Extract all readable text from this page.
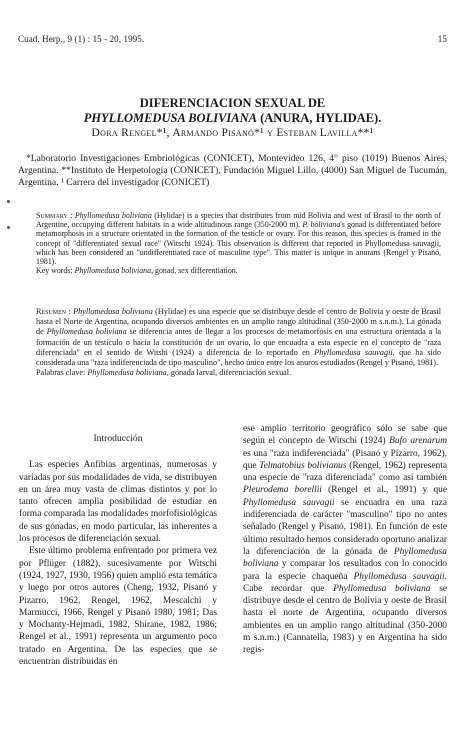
Cuad. Herp., 9 (1) : 15 - 20, 1995.	15
DIFERENCIACION SEXUAL DE
PHYLLOMEDUSA BOLIVIANA (ANURA, HYLIDAE).
Dora Rengel*¹, Armando Pisanó*¹ y Esteban Lavilla**¹

*Laboratorio Investigaciones Embriológicas (CONICET), Montevideo 126, 4° piso (1019) Buenos Aires, Argentina. **Instituto de Herpetología (CONICET), Fundación Miguel Lillo, (4000) San Miguel de Tucumán, Argentina. ¹ Carrera del investigador (CONICET)

Summary : Phyllomedusa boliviana (Hylidae) is a species that distributes from mid Bolivia and west of Brasil to the north of Argentine, occupying different habitats in a wide altitudinous range (350-2000 m). P. boliviana's gonad is differentiated before metamorphosis in a structure orientated in the formation of the testicle or ovary. For this reason, this species is framed in the concept of "differentiated sexual race" (Witschi 1924). This observation is different that reported in Phyllomedusa sauvagii, which has been considered an "undifferentiated race of masculine type". This matter is unique in anurans (Rengel y Pisanó, 1981).

Key words: Phyllomedusa boliviana, gonad, sex differentiation.

Resumen : Phyllomedusa boliviana (Hylidae) es una especie que se distribuye desde el centro de Bolivia y oeste de Brasil hasta el Norte de Argentina, ocupando diversos ambientes en un amplio rango altitudinal (350-2000 m s.n.m.). La gónada de Phyllomedusa boliviana se diferencia antes de llegar a los procesos de metamorfosis en una estructura orientada a la formación de un testículo o hacia la constitución de un ovario, lo que encuadra a esta especie en el concepto de "raza diferenciada" en el sentido de Witshi (1924) a diferencia de lo reportado en Phyllomedusa sauvagii, que ha sido considerada una "raza indiferenciada de tipo masculino", hecho único entre los anuros estudiados (Rengel y Pisanó, 1981).

Palabras clave: Phyllomedusa boliviana, gónada larval, diferenciación sexual.

Introducción

Las especies Anfibias argentinas, numerosas y variadas por sus modalidades de vida, se distribuyen en un área muy vasta de climas distintos y por lo tanto ofrecen amplia posibilidad de estudiar en forma comparada las modalidades morfofisiológicas de sus gónadas, en modo particular, las inherentes a los procesos de diferenciación sexual.

Este último problema enfrentado por primera vez por Pflüger (1882), sucesivamente por Witschi (1924, 1927, 1930, 1956) quien amplió esta temática y luego por otros autores (Cheng, 1932, Pisanó y Pizarro, 1962, Rengel, 1962, Mescalchi y Marmucci, 1966, Rengel y Pisanó 1980, 1981; Das y Mochanty-Hejmadi, 1982, Shirane, 1982, 1986; Rengel et al., 1991) representa un argumento poco tratado en Argentina. De las especies que se encuentran distribuidas en

ese amplio territorio geográfico sólo se sabe que según el concepto de Witschi (1924) Bufo arenarum es una "raza indiferenciada" (Pisanó y Pizarro, 1962), que Telmatobius bolivianus (Rengel, 1962) representa una especie de "raza diferenciada" como así también Pleurodema borellii (Rengel et al., 1991) y que Phyllomedusa sauvagii se encuadra en una raza indiferenciada de carácter "masculino" tipo no antes señalado (Rengel y Pisanó, 1981). En función de este último resultado hemos considerado oportuno analizar la diferenciación de la gónada de Phyllomedusa boliviana y comparar los resultados con lo conocido para la especie chaqueña Phyllomedusa sauvagii. Cabe recordar que Phyllomedusa boliviana se distribuye desde el centro de Bolivia y oeste de Brasil hasta el norte de Argentina, ocupando diversos ambientes en un amplio rango altitudinal (350-2000 m s.n.m.) (Cannatella, 1983) y en Argentina ha sido regis-
